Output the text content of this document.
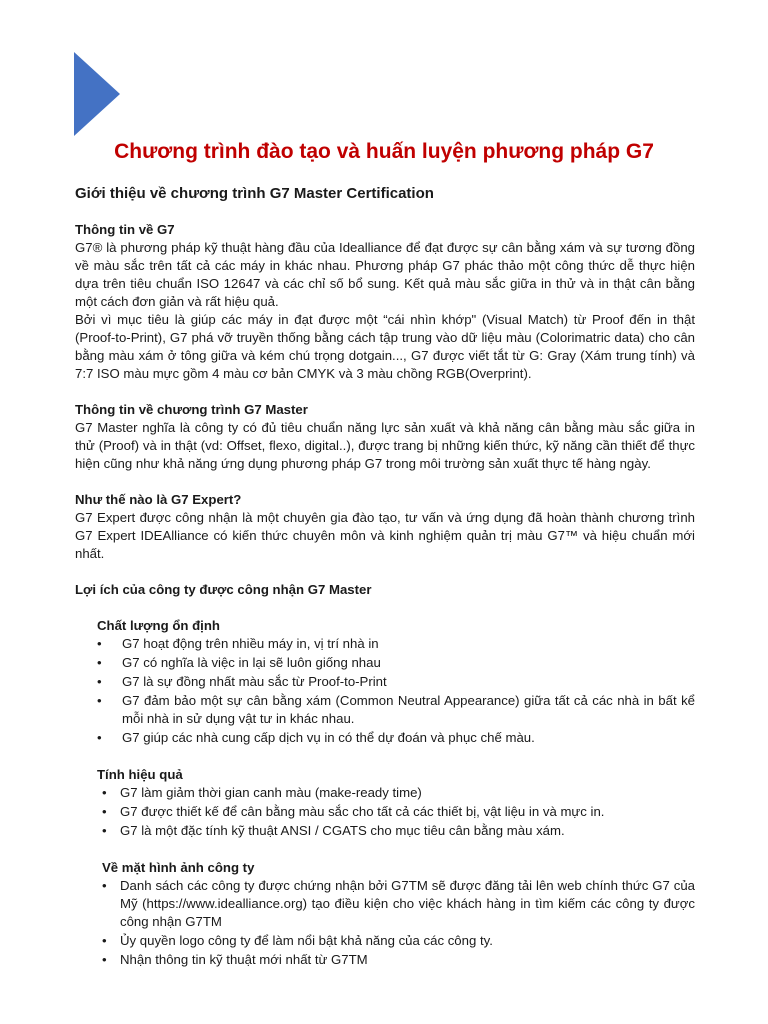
Chương trình đào tạo và huấn luyện phương pháp G7
Giới thiệu về chương trình G7 Master Certification
Thông tin về G7

G7® là phương pháp kỹ thuật hàng đầu của Idealliance để đạt được sự cân bằng xám và sự tương đồng về màu sắc trên tất cả các máy in khác nhau. Phương pháp G7 phác thảo một công thức dễ thực hiện dựa trên tiêu chuẩn ISO 12647 và các chỉ số bổ sung. Kết quả màu sắc giữa in thử và in thật cân bằng một cách đơn giản và rất hiệu quả.

Bởi vì mục tiêu là giúp các máy in đạt được một “cái nhìn khớp" (Visual Match) từ Proof đến in thật (Proof-to-Print), G7 phá vỡ truyền thống bằng cách tập trung vào dữ liệu màu (Colorimatric data) cho cân bằng màu xám ở tông giữa và kém chú trọng dotgain..., G7 được viết tắt từ G: Gray (Xám trung tính) và 7:7 ISO màu mực gồm 4 màu cơ bản CMYK và 3 màu chồng RGB(Overprint).

Thông tin về chương trình G7 Master

G7 Master nghĩa là công ty có đủ tiêu chuẩn năng lực sản xuất và khả năng cân bằng màu sắc giữa in thử (Proof) và in thật (vd: Offset, flexo, digital..), được trang bị những kiến thức, kỹ năng cần thiết để thực hiện cũng như khả năng ứng dụng phương pháp G7 trong môi trường sản xuất thực tế hàng ngày.

Như thế nào là G7 Expert?

G7 Expert được công nhận là một chuyên gia đào tạo, tư vấn và ứng dụng đã hoàn thành chương trình G7 Expert IDEAlliance có kiến thức chuyên môn và kinh nghiệm quản trị màu G7™ và hiệu chuẩn mới nhất.

Lợi ích của công ty được công nhận G7 Master
Chất lượng ổn định
• G7 hoạt động trên nhiều máy in, vị trí nhà in
• G7 có nghĩa là việc in lại sẽ luôn giống nhau
• G7 là sự đồng nhất màu sắc từ Proof-to-Print
• G7 đảm bảo một sự cân bằng xám (Common Neutral Appearance) giữa tất cả các nhà in bất kể mỗi nhà in sử dụng vật tư in khác nhau.
• G7 giúp các nhà cung cấp dịch vụ in có thể dự đoán và phục chế màu.
Tính hiệu quả
• G7 làm giảm thời gian canh màu (make-ready time)
• G7 được thiết kế để cân bằng màu sắc cho tất cả các thiết bị, vật liệu in và mực in.
• G7 là một đặc tính kỹ thuật ANSI / CGATS cho mục tiêu cân bằng màu xám.
Về mặt hình ảnh công ty
• Danh sách các công ty được chứng nhận bởi G7TM sẽ được đăng tải lên web chính thức G7 của Mỹ (https://www.idealliance.org) tạo điều kiện cho việc khách hàng in tìm kiếm các công ty được công nhận G7TM
• Ủy quyền logo công ty để làm nổi bật khả năng của các công ty.
• Nhận thông tin kỹ thuật mới nhất từ G7TM
